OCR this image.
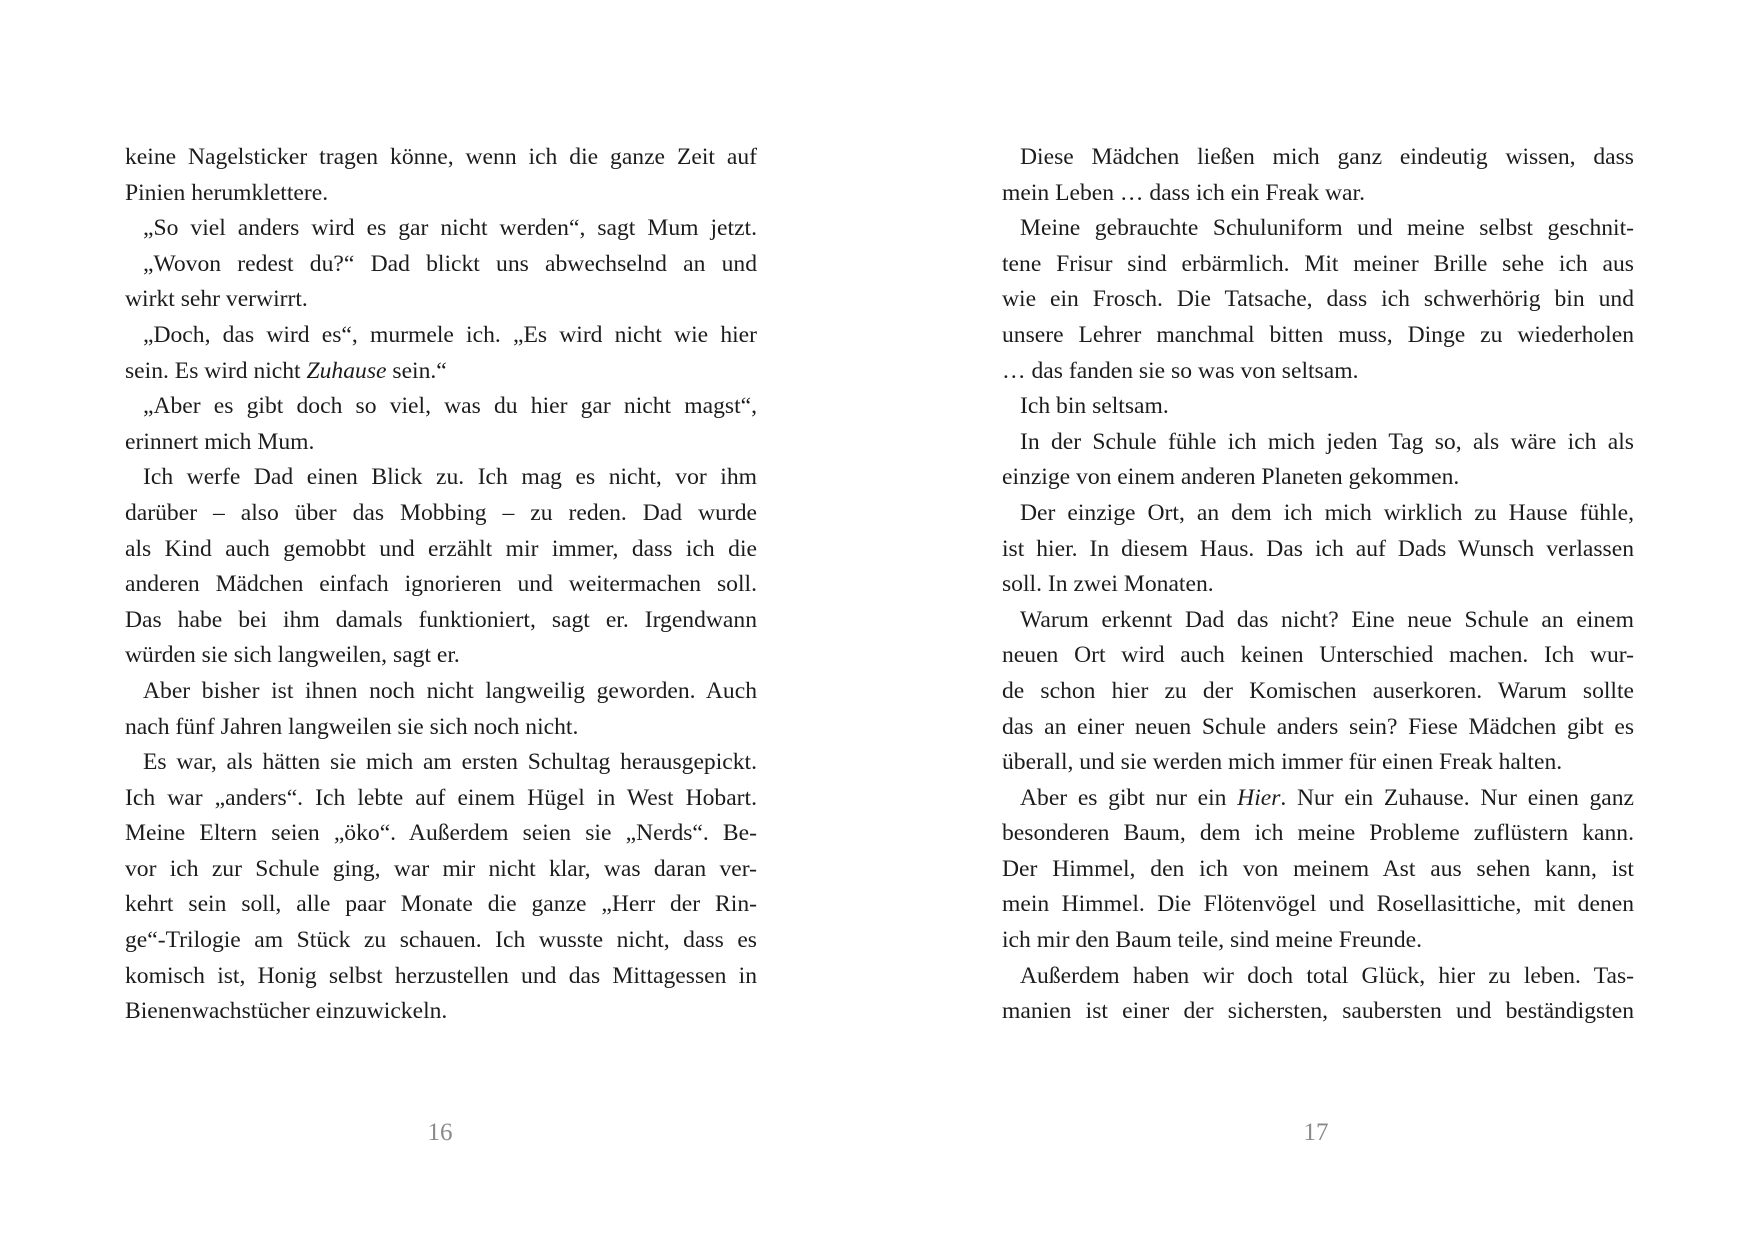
keine Nagelsticker tragen könne, wenn ich die ganze Zeit auf
Pinien herumklettere.
„So viel anders wird es gar nicht werden“, sagt Mum jetzt.
„Wovon redest du?“ Dad blickt uns abwechselnd an und
wirkt sehr verwirrt.
„Doch, das wird es“, murmele ich. „Es wird nicht wie hier
sein. Es wird nicht Zuhause sein.“
„Aber es gibt doch so viel, was du hier gar nicht magst“,
erinnert mich Mum.
Ich werfe Dad einen Blick zu. Ich mag es nicht, vor ihm
darüber – also über das Mobbing – zu reden. Dad wurde
als Kind auch gemobbt und erzählt mir immer, dass ich die
anderen Mädchen einfach ignorieren und weitermachen soll.
Das habe bei ihm damals funktioniert, sagt er. Irgendwann
würden sie sich langweilen, sagt er.
Aber bisher ist ihnen noch nicht langweilig geworden. Auch
nach fünf Jahren langweilen sie sich noch nicht.
Es war, als hätten sie mich am ersten Schultag herausgepickt.
Ich war „anders“. Ich lebte auf einem Hügel in West Hobart.
Meine Eltern seien „öko“. Außerdem seien sie „Nerds“. Be-
vor ich zur Schule ging, war mir nicht klar, was daran ver-
kehrt sein soll, alle paar Monate die ganze „Herr der Rin-
ge“-Trilogie am Stück zu schauen. Ich wusste nicht, dass es
komisch ist, Honig selbst herzustellen und das Mittagessen in
Bienenwachstücher einzuwickeln.
16
Diese Mädchen ließen mich ganz eindeutig wissen, dass
mein Leben … dass ich ein Freak war.
Meine gebrauchte Schuluniform und meine selbst geschnit-
tene Frisur sind erbärmlich. Mit meiner Brille sehe ich aus
wie ein Frosch. Die Tatsache, dass ich schwerhörig bin und
unsere Lehrer manchmal bitten muss, Dinge zu wiederholen
… das fanden sie so was von seltsam.
Ich bin seltsam.
In der Schule fühle ich mich jeden Tag so, als wäre ich als
einzige von einem anderen Planeten gekommen.
Der einzige Ort, an dem ich mich wirklich zu Hause fühle,
ist hier. In diesem Haus. Das ich auf Dads Wunsch verlassen
soll. In zwei Monaten.
Warum erkennt Dad das nicht? Eine neue Schule an einem
neuen Ort wird auch keinen Unterschied machen. Ich wur-
de schon hier zu der Komischen auserkoren. Warum sollte
das an einer neuen Schule anders sein? Fiese Mädchen gibt es
überall, und sie werden mich immer für einen Freak halten.
Aber es gibt nur ein Hier. Nur ein Zuhause. Nur einen ganz
besonderen Baum, dem ich meine Probleme zuflüstern kann.
Der Himmel, den ich von meinem Ast aus sehen kann, ist
mein Himmel. Die Flötenvögel und Rosellasittiche, mit denen
ich mir den Baum teile, sind meine Freunde.
Außerdem haben wir doch total Glück, hier zu leben. Tas-
manien ist einer der sichersten, saubersten und beständigsten
17
